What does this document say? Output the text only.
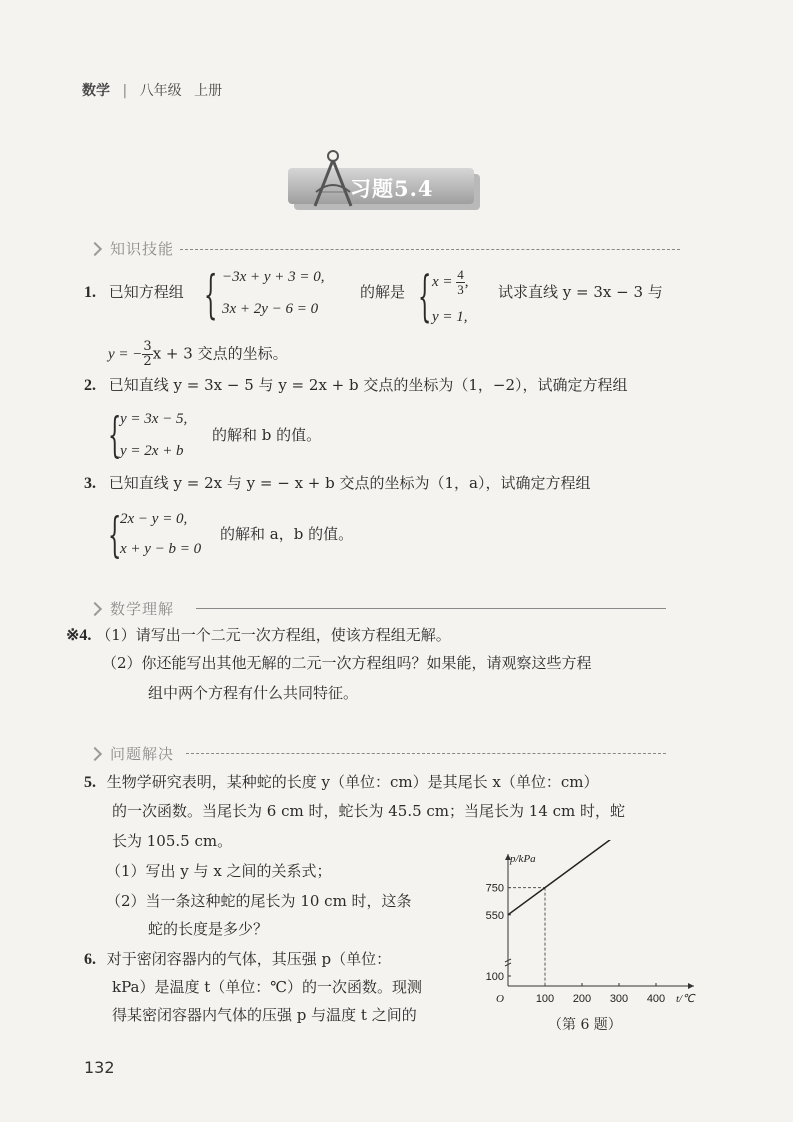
数学 | 八年级 上册
习题5.4
知识技能
1. 已知方程组 { −3x + y + 3 = 0,
3x + 2y − 6 = 0
的解是 { $x = \frac{4}{3}$ ,
y = 1,
试求直线 y = 3x − 3 与
y = − $\frac{3}{2}$ x + 3 交点的坐标。
2. 已知直线 y = 3x − 5 与 y = 2x + b 交点的坐标为（1，−2），试确定方程组
{
y = 3x − 5,
y = 2x + b
的解和 b 的值。
3. 已知直线 y = 2x 与 y = − x + b 交点的坐标为（1，a），试确定方程组
{
2x − y = 0,
x + y − b = 0
的解和 a，b 的值。
数学理解
※4. （1）请写出一个二元一次方程组，使该方程组无解。
（2）你还能写出其他无解的二元一次方程组吗？如果能，请观察这些方程
组中两个方程有什么共同特征。
问题解决
5. 生物学研究表明，某种蛇的长度 y（单位：cm）是其尾长 x（单位：cm）
的一次函数。当尾长为 6 cm 时，蛇长为 45.5 cm；当尾长为 14 cm 时，蛇
长为 105.5 cm。
（1）写出 y 与 x 之间的关系式；
（2）当一条这种蛇的尾长为 10 cm 时，这条
蛇的长度是多少？
6. 对于密闭容器内的气体，其压强 p（单位：
kPa）是温度 t（单位：℃）的一次函数。现测
得某密闭容器内气体的压强 p 与温度 t 之间的
p/kPa
t/℃
O	100 200 300 400
100
550
750
（第 6 题）
132
